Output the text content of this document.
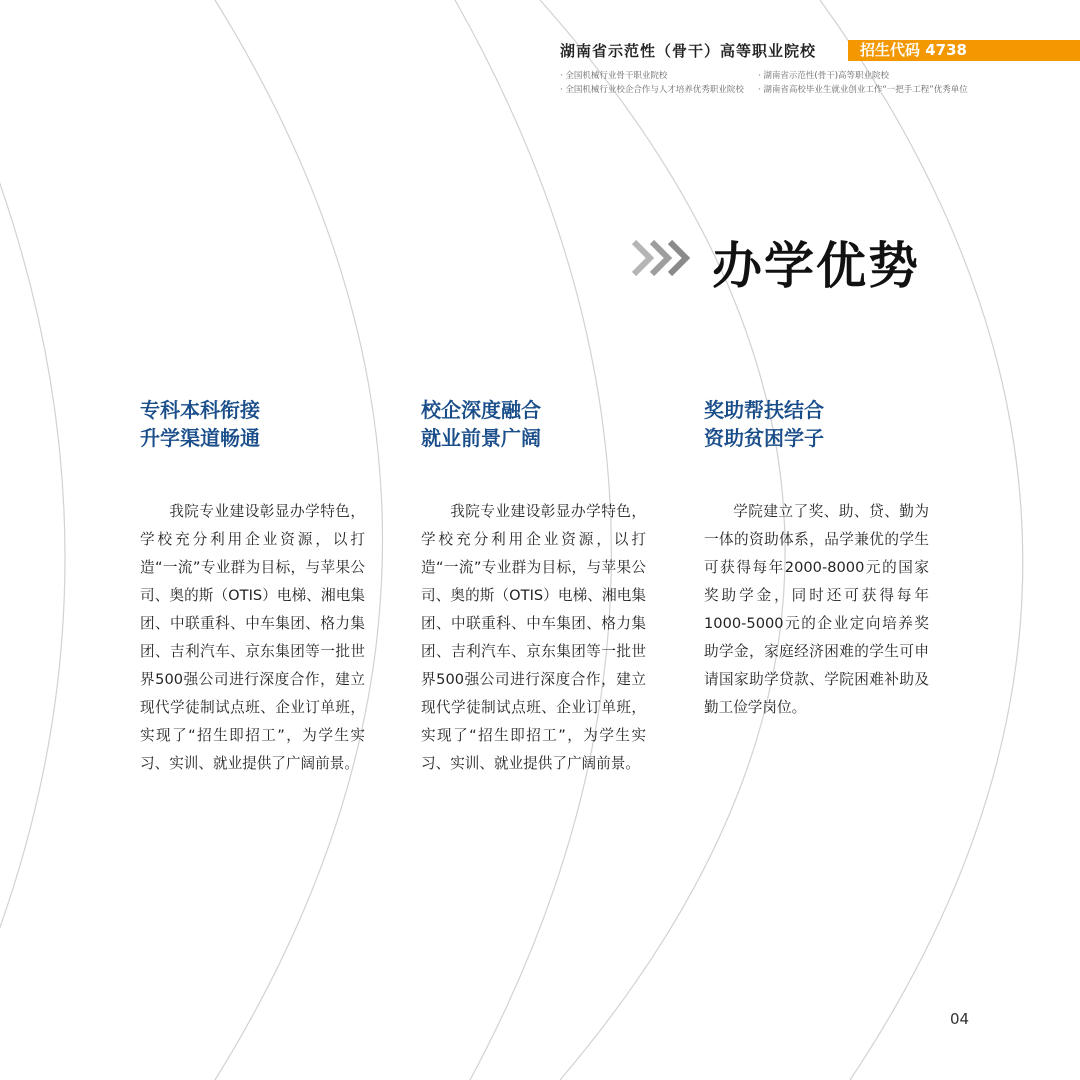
湖南省示范性（骨干）高等职业院校	招生代码 4738
· 全国机械行业骨干职业院校
· 全国机械行业校企合作与人才培养优秀职业院校
· 湖南省示范性(骨干)高等职业院校
· 湖南省高校毕业生就业创业工作“一把手工程”优秀单位
办学优势
专科本科衔接
升学渠道畅通
我院专业建设彰显办学特色，学校充分利用企业资源，以打造“一流”专业群为目标，与苹果公司、奥的斯（OTIS）电梯、湘电集团、中联重科、中车集团、格力集团、吉利汽车、京东集团等一批世界500强公司进行深度合作，建立现代学徒制试点班、企业订单班，实现了“招生即招工”，为学生实习、实训、就业提供了广阔前景。
校企深度融合
就业前景广阔
我院专业建设彰显办学特色，学校充分利用企业资源，以打造“一流”专业群为目标，与苹果公司、奥的斯（OTIS）电梯、湘电集团、中联重科、中车集团、格力集团、吉利汽车、京东集团等一批世界500强公司进行深度合作，建立现代学徒制试点班、企业订单班，实现了“招生即招工”，为学生实习、实训、就业提供了广阔前景。
奖助帮扶结合
资助贫困学子
学院建立了奖、助、贷、勤为一体的资助体系，品学兼优的学生可获得每年2000-8000元的国家奖助学金，同时还可获得每年1000-5000元的企业定向培养奖助学金，家庭经济困难的学生可申请国家助学贷款、学院困难补助及勤工俭学岗位。
04
